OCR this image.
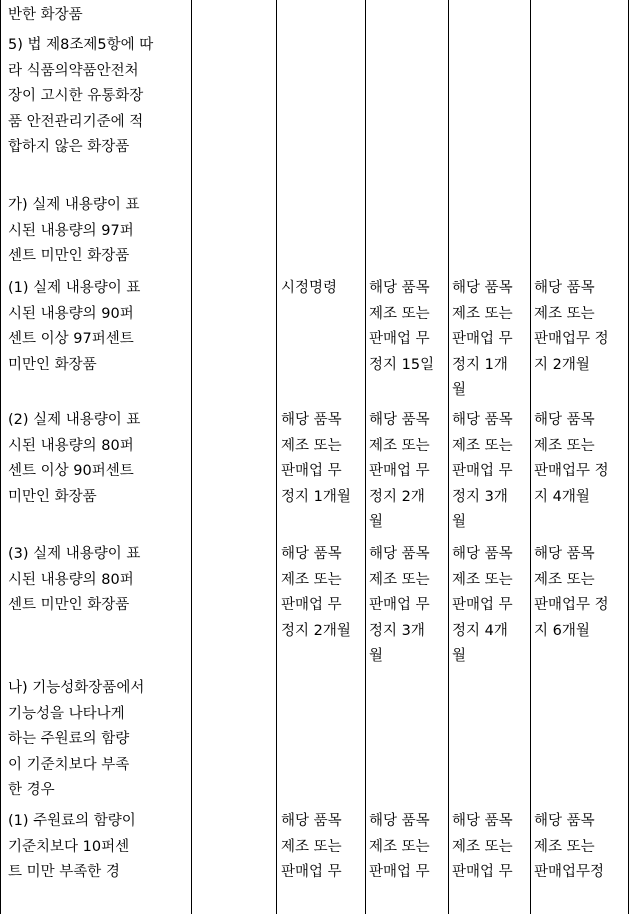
반한 화장품

5) 법 제8조제5항에 따
라 식품의약품안전처
장이 고시한 유통화장
품 안전관리기준에 적
합하지 않은 화장품

가) 실제 내용량이 표
시된 내용량의 97퍼
센트 미만인 화장품

(1) 실제 내용량이 표
시된 내용량의 90퍼
센트 이상 97퍼센트
미만인 화장품

시정명령	해당 품목
제조 또는
판매업 무
정지 15일

해당 품목
제조 또는
판매업 무
정지 1개
월

해당 품목
제조 또는
판매업무 정
지 2개월

(2) 실제 내용량이 표
시된 내용량의 80퍼
센트 이상 90퍼센트
미만인 화장품

해당 품목
제조 또는
판매업 무
정지 1개월

해당 품목
제조 또는
판매업 무
정지 2개
월

해당 품목
제조 또는
판매업 무
정지 3개
월

해당 품목
제조 또는
판매업무 정
지 4개월

(3) 실제 내용량이 표
시된 내용량의 80퍼
센트 미만인 화장품

해당 품목
제조 또는
판매업 무
정지 2개월

해당 품목
제조 또는
판매업 무
정지 3개
월

해당 품목
제조 또는
판매업 무
정지 4개
월

해당 품목
제조 또는
판매업무 정
지 6개월

나) 기능성화장품에서
기능성을 나타나게
하는 주원료의 함량
이 기준치보다 부족
한 경우

(1) 주원료의 함량이
기준치보다 10퍼센
트 미만 부족한 경

해당 품목
제조 또는
판매업 무

해당 품목
제조 또는
판매업 무

해당 품목
제조 또는
판매업 무

해당 품목
제조 또는
판매업무정
